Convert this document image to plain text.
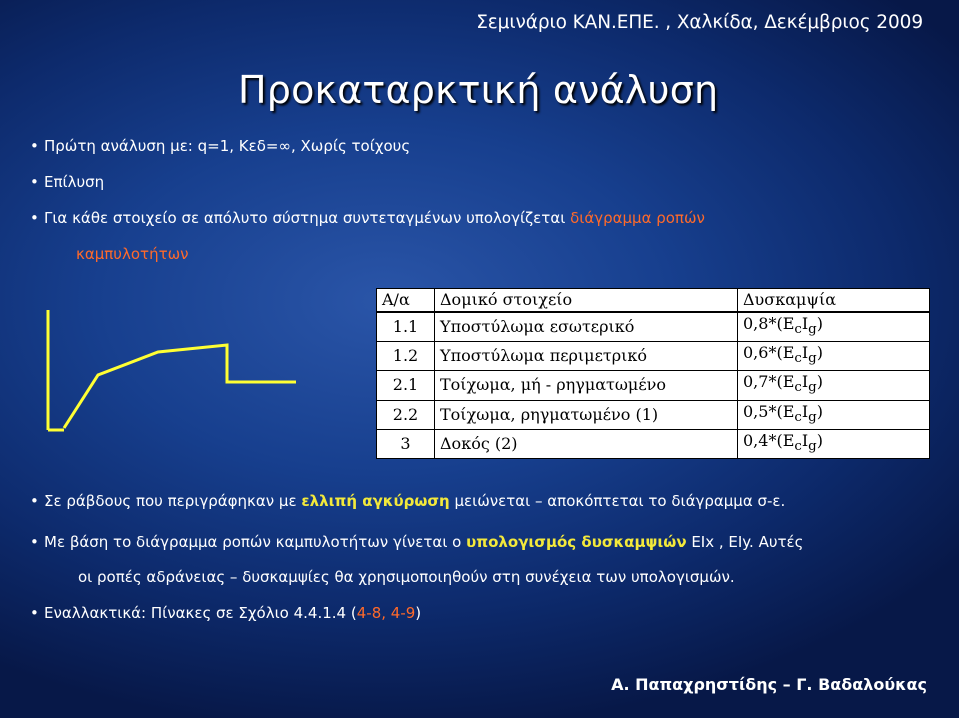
Σεμινάριο ΚΑΝ.ΕΠΕ. , Χαλκίδα, Δεκέμβριος 2009
Προκαταρκτική ανάλυση
• Πρώτη ανάλυση με: q=1, Κεδ=∞, Χωρίς τοίχους
• Επίλυση
• Για κάθε στοιχείο σε απόλυτο σύστημα συντεταγμένων υπολογίζεται διάγραμμα ροπών
καμπυλοτήτων
Α/α	Δομικό στοιχείο	Δυσκαμψία
1.1	Υποστύλωμα εσωτερικό	$0,8*(E_cI_g)$
1.2	Υποστύλωμα περιμετρικό	$0,6*(E_cI_g)$
2.1	Τοίχωμα, μή - ρηγματωμένο	$0,7*(E_cI_g)$
2.2	Τοίχωμα, ρηγματωμένο (1)	$0,5*(E_cI_g)$
3	Δοκός (2)	$0,4*(E_cI_g)$
• Σε ράβδους που περιγράφηκαν με ελλιπή αγκύρωση μειώνεται – αποκόπτεται το διάγραμμα σ-ε.
• Με βάση το διάγραμμα ροπών καμπυλοτήτων γίνεται ο υπολογισμός δυσκαμψιών EIx , EIy. Αυτές
οι ροπές αδράνειας – δυσκαμψίες θα χρησιμοποιηθούν στη συνέχεια των υπολογισμών.
• Εναλλακτικά: Πίνακες σε Σχόλιο 4.4.1.4 (4-8, 4-9)
Α. Παπαχρηστίδης – Γ. Βαδαλούκας
